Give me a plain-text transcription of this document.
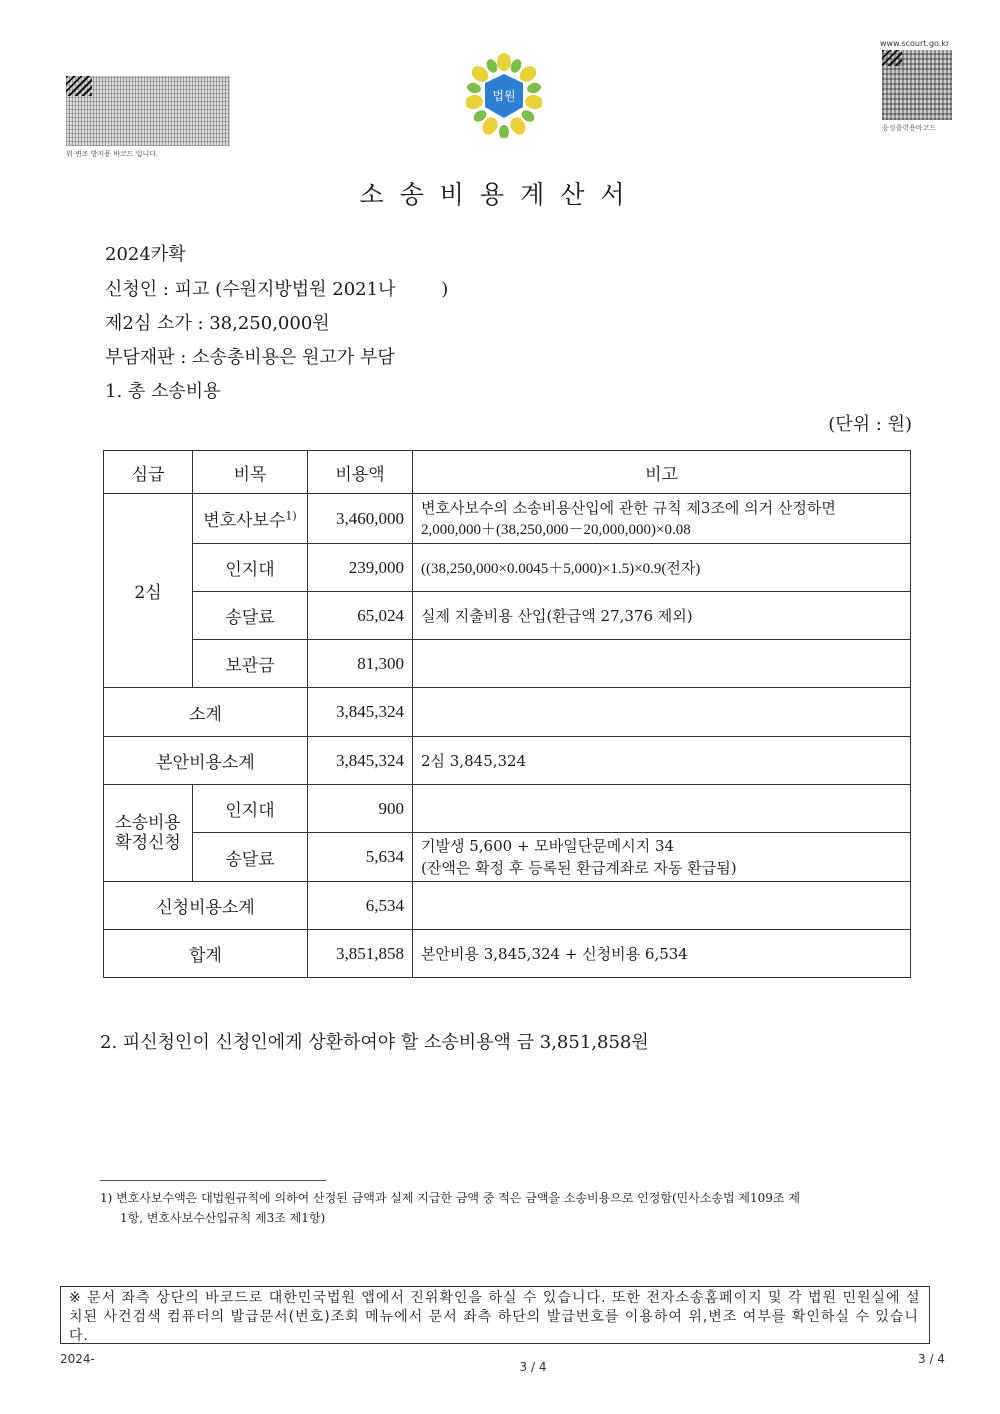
위·변조 방지용 바코드 입니다.
www.scourt.go.kr
음성출력용바코드
법원
소송비용계산서
2024카확
신청인 : 피고 (수원지방법원 2021나        )
제2심 소가 : 38,250,000원
부담재판 : 소송총비용은 원고가 부담
1. 총 소송비용
(단위 : 원)
심급	비목	비용액	비고
2심	변호사보수$^{1)}$	3,460,000	변호사보수의 소송비용산입에 관한 규칙 제3조에 의거 산정하면
2,000,000＋(38,250,000－20,000,000)×0.08

	인지대	239,000	((38,250,000×0.0045＋5,000)×1.5)×0.9(전자)
	송달료	65,024	실제 지출비용 산입(환급액 27,376 제외)
	보관금	81,300	
소계		3,845,324	
본안비용소계		3,845,324	2심 3,845,324
소송비용 확정신청	인지대	900	
	송달료	5,634	기발생 5,600 + 모바일단문메시지 34
(잔액은 확정 후 등록된 환급계좌로 자동 환급됨)

신청비용소계		6,534	
합계		3,851,858	본안비용 3,845,324 + 신청비용 6,534
2. 피신청인이 신청인에게 상환하여야 할 소송비용액 금 3,851,858원
1) 변호사보수액은 대법원규칙에 의하여 산정된 금액과 실제 지급한 금액 중 적은 금액을 소송비용으로 인정함(민사소송법 제109조 제
1항, 변호사보수산입규칙 제3조 제1항)
※ 문서 좌측 상단의 바코드로 대한민국법원 앱에서 진위확인을 하실 수 있습니다. 또한 전자소송홈페이지 및 각 법원 민원실에 설치된 사건검색 컴퓨터의 발급문서(번호)조회 메뉴에서 문서 좌측 하단의 발급번호를 이용하여 위,변조 여부를 확인하실 수 있습니다.
2024-
3 / 4
3 / 4
